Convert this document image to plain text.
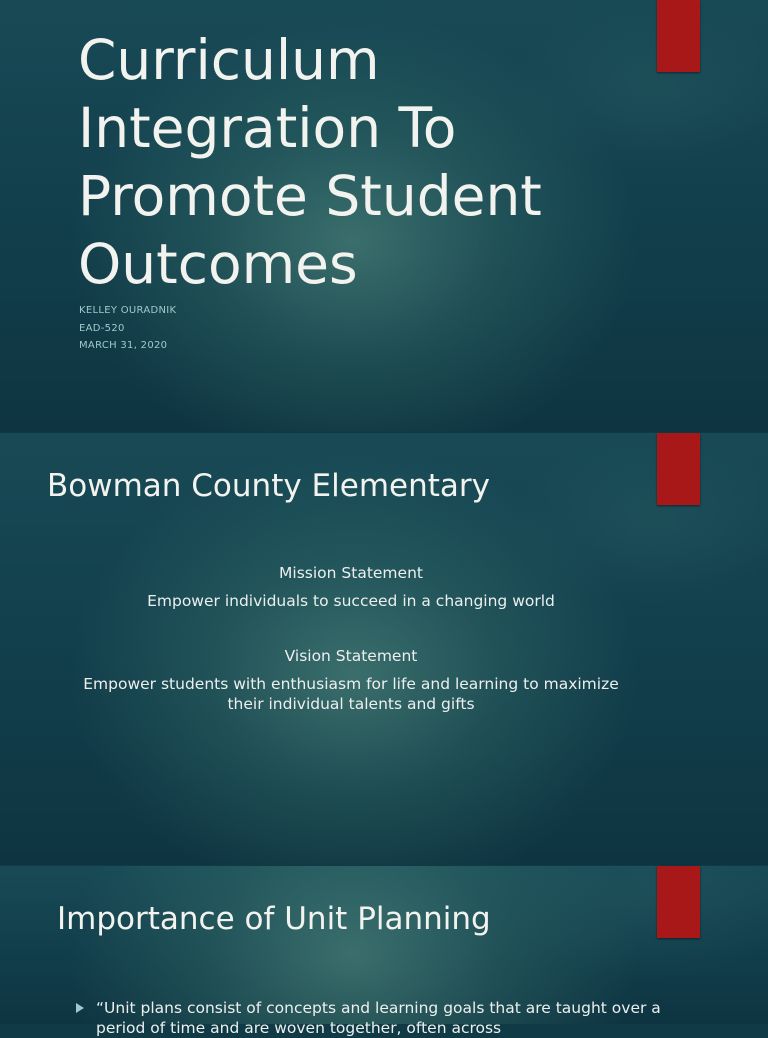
Curriculum Integration To Promote Student Outcomes
KELLEY OURADNIK
EAD-520
MARCH 31, 2020
Bowman County Elementary
Mission Statement
Empower individuals to succeed in a changing world
Vision Statement
Empower students with enthusiasm for life and learning to maximize their individual talents and gifts
Importance of Unit Planning
“Unit plans consist of concepts and learning goals that are taught over a period of time and are woven together, often across
